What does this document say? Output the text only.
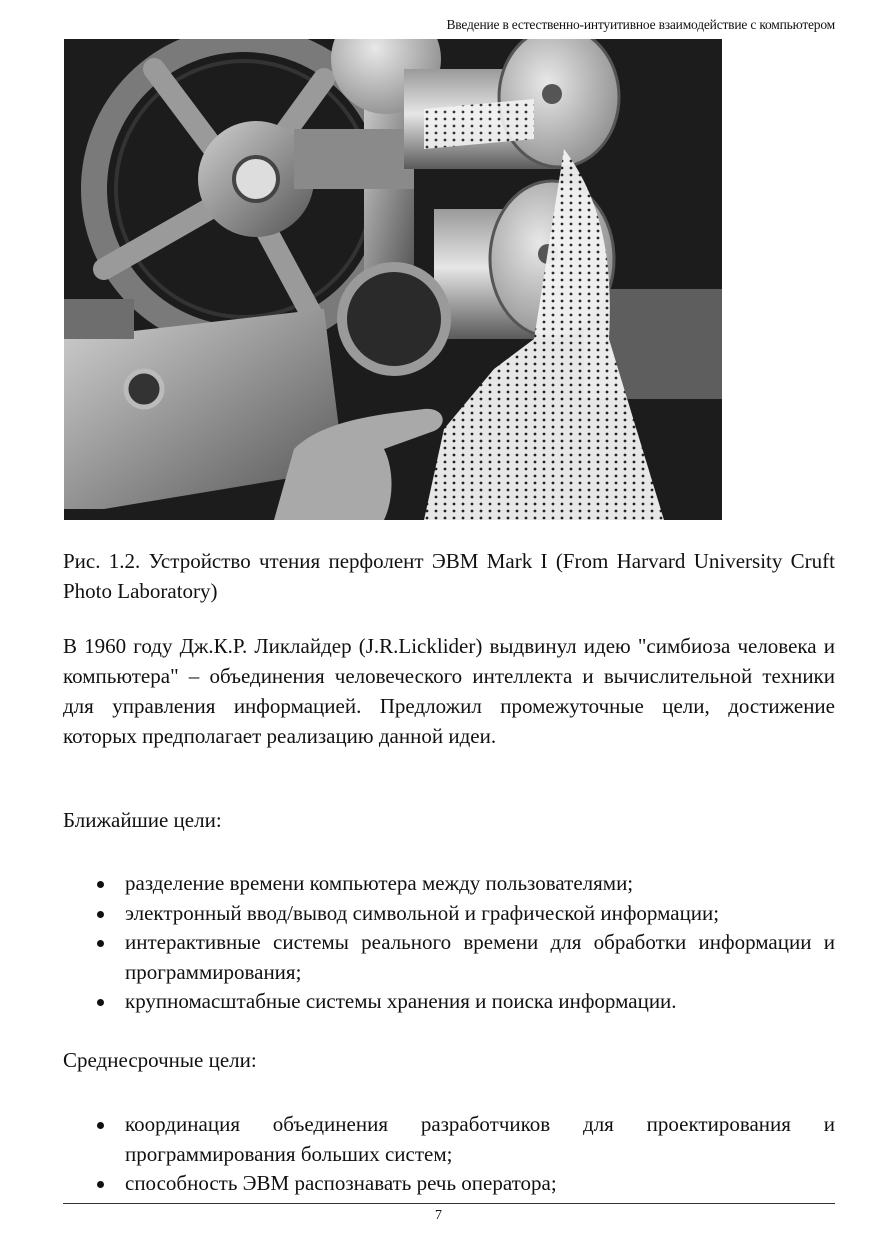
Введение в естественно-интуитивное взаимодействие с компьютером
Рис. 1.2. Устройство чтения перфолент ЭВМ Mark I (From Harvard University Cruft Photo Laboratory)
В 1960 году Дж.К.Р. Ликлайдер (J.R.Licklider) выдвинул идею "симбиоза человека и компьютера" – объединения человеческого интеллекта и вычислительной техники для управления информацией. Предложил промежуточные цели, достижение которых предполагает реализацию данной идеи.
Ближайшие цели:
разделение времени компьютера между пользователями;
электронный ввод/вывод символьной и графической информации;
интерактивные системы реального времени для обработки информации и программирования;
крупномасштабные системы хранения и поиска информации.
Среднесрочные цели:
координация объединения разработчиков для проектирования и программирования больших систем;
способность ЭВМ распознавать речь оператора;
7
